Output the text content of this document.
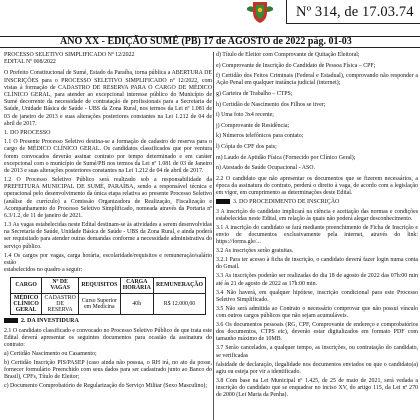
Nº 314, de 17.03.74
ANO XX - EDIÇÃO SUMÉ (PB) 17 de AGOSTO de 2022 pág. 01-03
PROCESSO SELETIVO SIMPLIFICADO Nº 12/2022
EDITAL Nº 008/2022
O Prefeito Constitucional de Sumé, Estado da Paraíba, torna pública a ABERTURA DE INSCRIÇÕES para o PROCESSO SELETIVO SIMPLIFICADO nº 12/2022, com vistas à formação de CADASTRO DE RESERVA PARA O CARGO DE MÉDICO CLÍNICO GERAL, para atender ao excepcional interesse público do Município de Sumé decorrente da necessidade de contratação de profissionais para a Secretaria de Saúde, Unidade Básica de Saúde - UBS da Zona Rural, nos termos da Lei nº 1.081 de 03 de janeiro de 2013 e suas alterações posteriores constantes na Lei 1.212 de 04 de abril de 2017.
1. DO PROCESSO
1.1 O Presente Processo Seletivo destina-se a formação de cadastro de reserva para o cargo de MÉDICO CLÍNICO GERAL. Os candidatos classificados que por ventura forem convocados deverão assinar contrato por tempo determinado e em caráter excepcional com o município de Sumé/PB nos termos da Lei nº 1.081 de 03 de Janeiro de 2013 e suas alterações posteriores constantes na Lei 1.212 de 04 de abril de 2017.
1.2 O Processo Seletivo Público será realizado sob a responsabilidade da PREFEITURA MUNICIPAL DE SUMÉ, PARAÍBA, sendo a responsável técnica e operacional pelo desenvolvimento da única etapa relativa ao presente Processo Seletivo (análise de currículo) a Comissão Organizadora de Realização, Fiscalização e Acompanhamento do Processo Seletivo Simplificado, nomeada através da Portaria nº 6.3/1.2, de 11 de janeiro de 2021.
1.3 As vagas estabelecidas neste Edital destinam-se às atividades a serem desenvolvidas na Secretaria de Saúde, Unidade Básica de Saúde - UBS da Zona Rural, e ainda poderá ser requisitado para atender outras demandas conforme a necessidade administrativa do serviço público.
1.4 Os cargos por vagas, carga horária, escolaridade/requisitos e remuneração/salário estão
estabelecidos no quadro a seguir:
CARGO	Nº DE VAGAS	REQUISITOS	CARGA HORÁRIA	REMUNERAÇÃO
MÉDICO CLÍNICO GERAL	CADASTRO DE RESERVA	Curso Superior em Medicina	40h	R$ 12.000,00
2. DA INVESTIDURA
2.1 O candidato classificado e convocado no Processo Seletivo Público de que trata este Edital deverá apresentar os seguintes documentos para ocasião da assinatura do contrato:
a) Certidão Nascimento ou Casamento;
b) Certidão Inscrição PIS/PASEP (caso ainda não possua, o RH irá, no ato da posse, fornecer formulário Preenchido com seus dados para ser cadastrado junto ao Banco do Brasil), CPFs, Título de Eleitor;
c) Documento Comprobatório de Regularização do Serviço Militar (Sexo Masculino);
d) Título de Eleitor com Comprovante de Quitação Eleitoral;
e) Comprovante de Inscrição do Candidato de Pessoa Física – CPF;
f) Certidão dos Feitos Criminais (Federal e Estadual), comprovando não responder a Ação Penal em qualquer instância judicial (internet);
g) Carteira de Trabalho – CTPS;
h) Certidão de Nascimento dos Filhos se tiver;
i) Uma foto 3x4 recente;
j) Comprovante de Residência;
k) Números telefônicos para contato;
l) Cópia do CPF dos pais;
m) Laudo de Aptidão Física (Fornecido por Clínico Geral);
n) Atestado de Saúde Ocupacional - ASO.
2.2 O candidato que não apresentar os documentos que se fizerem necessários, a época da assinatura do contrato, perderá o direito à vaga, de acordo com a legislação em vigor, em cumprimento as determinações deste Edital.
3. DO PROCEDIMENTO DE INSCRIÇÃO
3 A inscrição do candidato implicará na ciência e aceitação das normas e condições estabelecidas neste Edital, em relação às quais não poderá alegar desconhecimento.
3.1 A inscrição do candidato se fará mediante preenchimento de Ficha de Inscrição e envio de documentos exclusivamente pela internet, através do link: https://forms.gle/...
3.2 As inscrições serão gratuitas.
3.2.1 Para ter acesso à ficha de inscrição, o candidato deverá fazer login numa conta do Gmail.
3.3 As inscrições poderão ser realizadas do dia 18 de agosto de 2022 das 07h:00 min até às 21 de agosto de 2022 as 17h:00 min.
3.4 Não haverá, em qualquer hipótese, inscrição condicional para este Processo Seletivo Simplificado.
3.5 Não será admitida ao Contrato o necessário comprovar que não possui vínculo com outros cargos públicos que não sejam acumuláveis.
3.6 Os documentos pessoais (RG, CPF, Comprovante de endereço e comprobatórios dos documentos, CTPS etc), deverão estar digitalizados em formato PDF com tamanho máximo de 10MB.
3.7 Serão cancelados, a qualquer tempo, as inscrições, ou contratação do candidato, se verificadas
falsidade de declaração, ilegalidade nos documentos enviados ou que o candidato(a) agiu ou esteja por vir a identificado.
3.8 Com base na Lei Municipal nº 1.425, de 25 de maio de 2021, será vedada a inscrição do candidato que se enquadrar no inciso XV, do artigo 115, da Lei nº 270 de 2000 (Lei Maria da Penha).
